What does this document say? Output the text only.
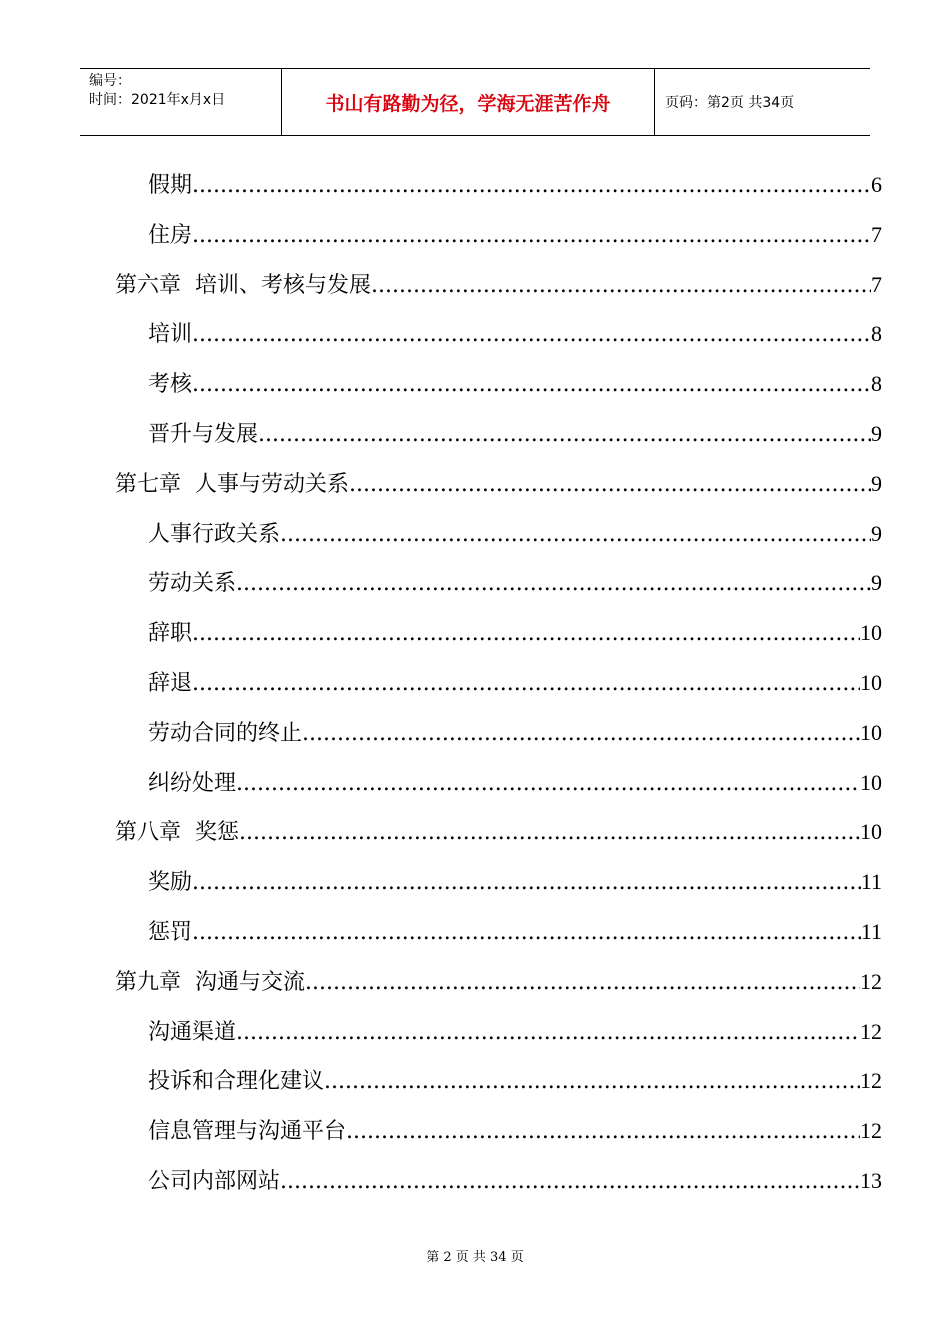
编号：
时间：2021年x月x日	书山有路勤为径，学海无涯苦作舟	页码：第2页 共34页
假期 .....	6
住房 .....	7
第六章  培训、考核与发展 .....	7
培训 .....	8
考核 .....	8
晋升与发展 .....	9
第七章  人事与劳动关系 .....	9
人事行政关系 .....	9
劳动关系 .....	9
辞职 .....	10
辞退 .....	10
劳动合同的终止 .....	10
纠纷处理 .....	10
第八章  奖惩 .....	10
奖励 .....	11
惩罚 .....	11
第九章  沟通与交流 .....	12
沟通渠道 .....	12
投诉和合理化建议 .....	12
信息管理与沟通平台 .....	12
公司内部网站 .....	13
第 2 页 共 34 页
